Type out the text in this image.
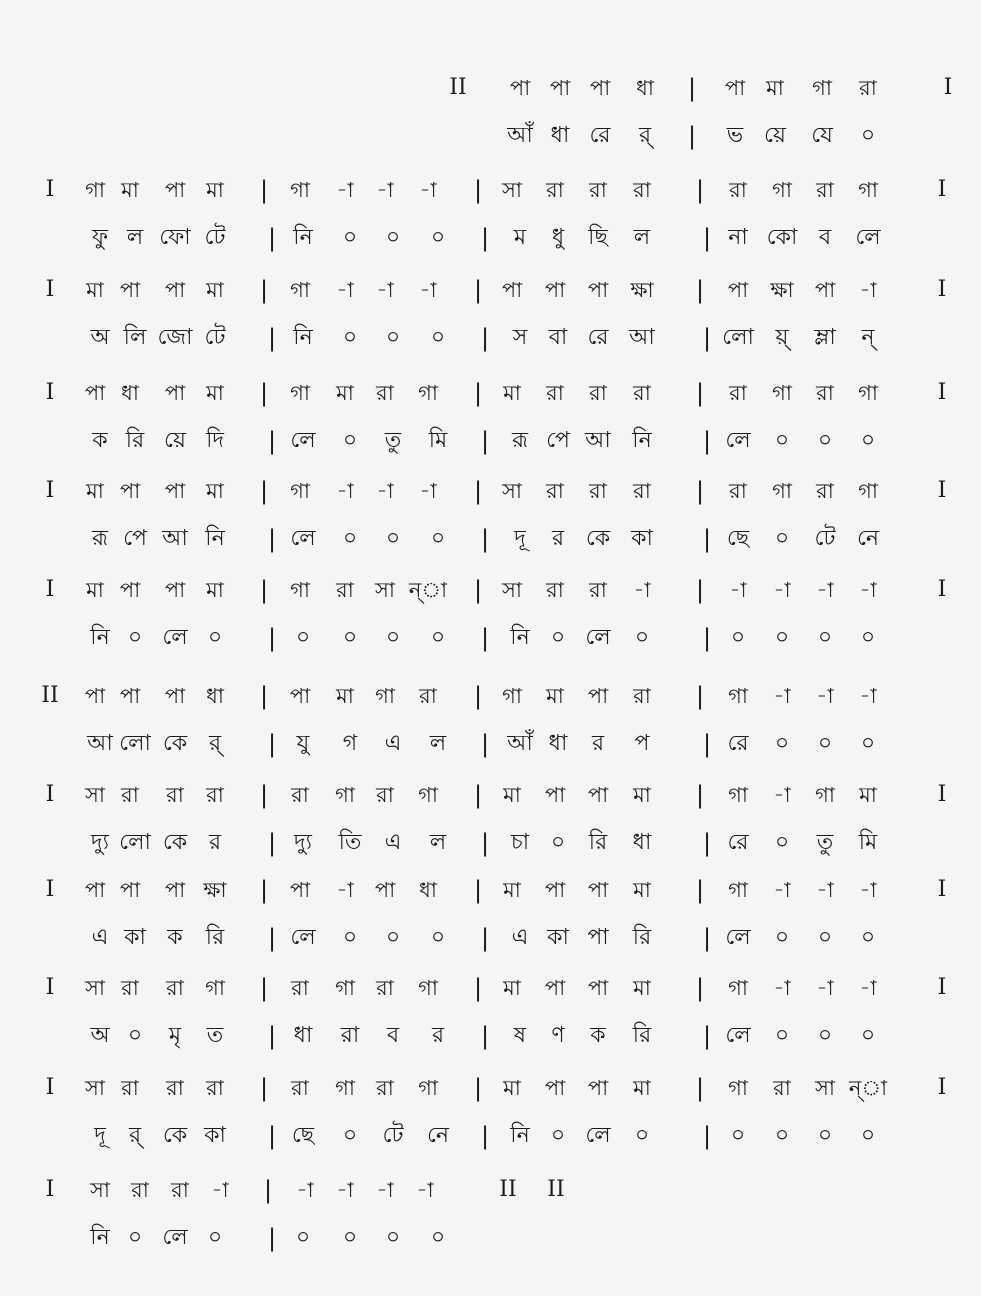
II পা পা পা ধা | পা মা গা রা	I
আঁ ধা রে র্ | ভ য়ে যে ০
I গা মা পা মা | গা -া -া -া | সা রা রা রা | রা গা রা গা	I
ফু ল ফো টে | নি ০ ০ ০ | ম ধু ছি ল | না কো ব লে
I মা পা পা মা | গা -া -া -া | পা পা পা ক্ষা | পা ক্ষা পা -া	I
অ লি জো টে | নি ০ ০ ০ | স বা রে আ | লো য়্ ম্লা ন্
I পা ধা পা মা | গা মা রা গা | মা রা রা রা | রা গা রা গা	I
ক রি য়ে দি | লে ০ তু মি | রূ পে আ নি | লে ০ ০ ০
I মা পা পা মা | গা -া -া -া | সা রা রা রা | রা গা রা গা	I
রূ পে আ নি | লে ০ ০ ০ | দূ র কে কা | ছে ০ টে নে
I মা পা পা মা | গা রা সা ন্‌া | সা রা রা -া | -া -া -া -া	I
নি ০ লে ০ | ০ ০ ০ ০ | নি ০ লে ০ | ০ ০ ০ ০
II পা পা পা ধা | পা মা গা রা | গা মা পা রা | গা -া -া -া
আ লো কে র্ | যু গ এ ল | আঁ ধা র প | রে ০ ০ ০
I সা রা রা রা | রা গা রা গা | মা পা পা মা | গা -া গা মা	I
দ্যু লো কে র | দ্যু তি এ ল | চা ০ রি ধা | রে ০ তু মি
I পা পা পা ক্ষা | পা -া পা ধা | মা পা পা মা | গা -া -া -া	I
এ কা ক রি | লে ০ ০ ০ | এ কা পা রি | লে ০ ০ ০
I সা রা রা গা | রা গা রা গা | মা পা পা মা | গা -া -া -া	I
অ ০ মৃ ত | ধা রা ব র | ষ ণ ক রি | লে ০ ০ ০
I সা রা রা রা | রা গা রা গা | মা পা পা মা | গা রা সা ন্‌া I
দূ র্ কে কা | ছে ০ টে নে | নি ০ লে ০ | ০ ০ ০ ০
I সা রা রা -া | -া -া -া -া	II II
নি ০ লে ০ | ০ ০ ০ ০
